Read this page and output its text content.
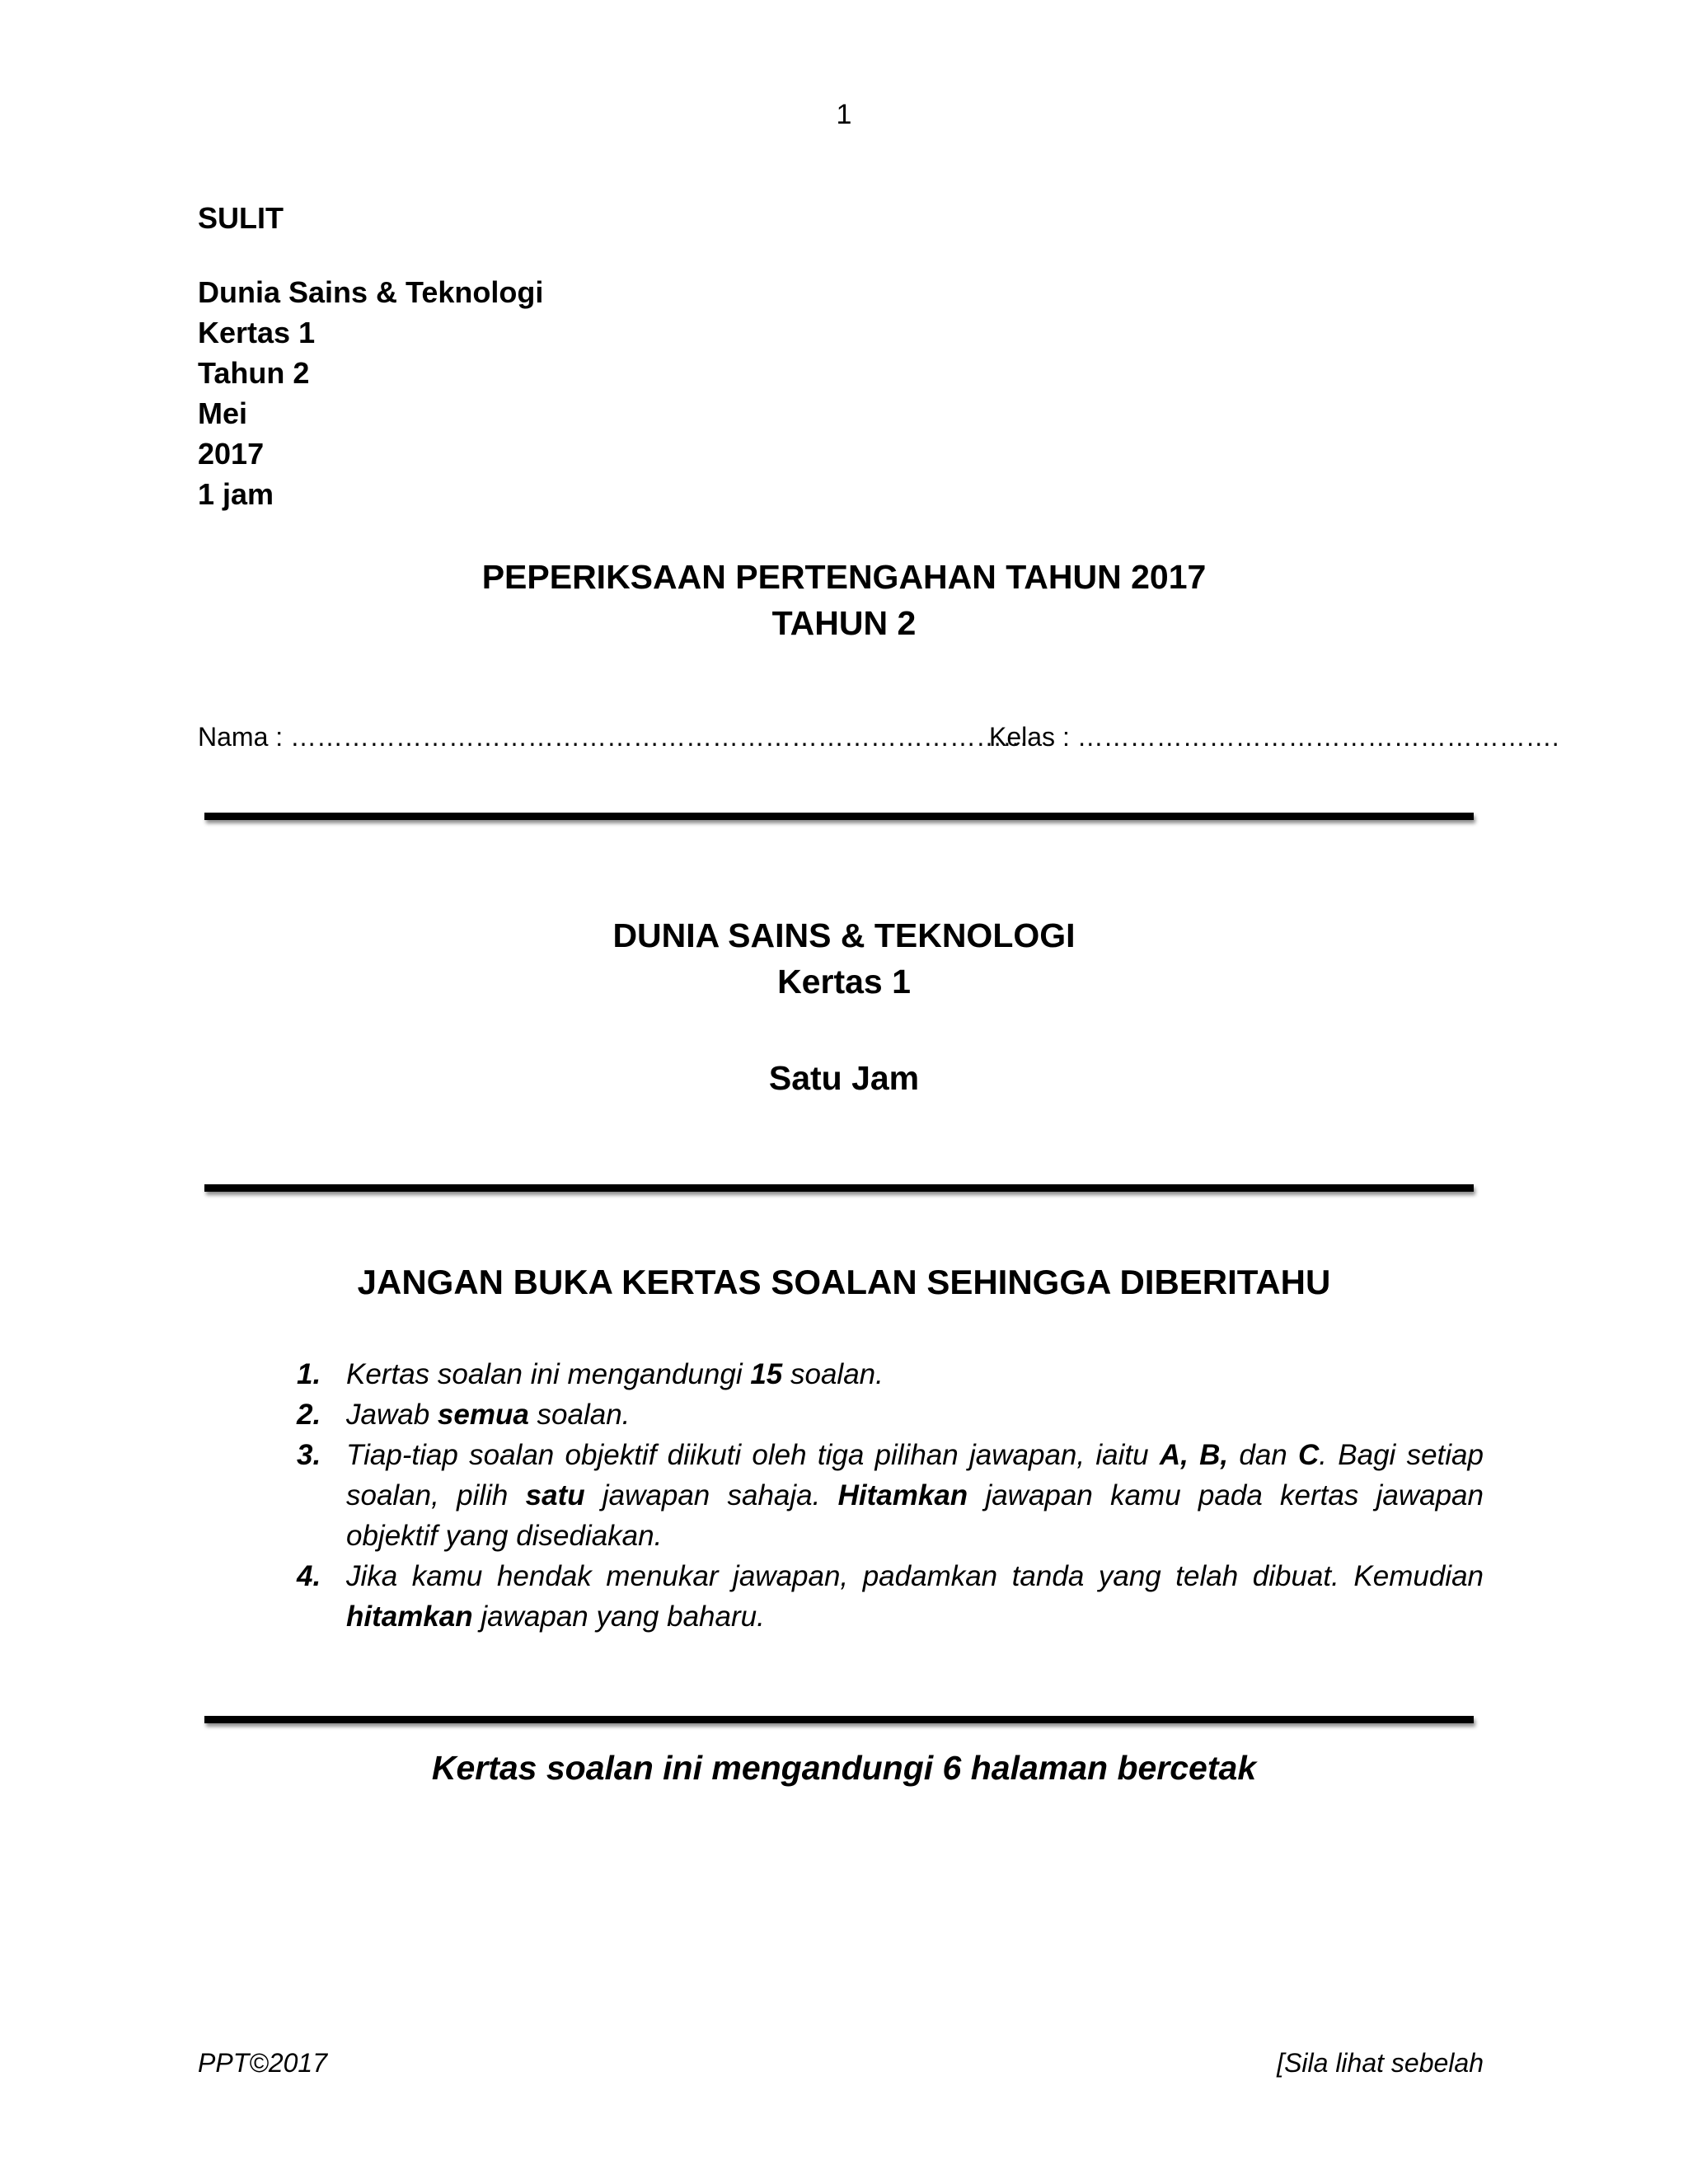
1
SULIT
Dunia Sains & Teknologi
Kertas 1
Tahun 2
Mei
2017
1 jam
PEPERIKSAAN PERTENGAHAN TAHUN 2017
TAHUN 2
Nama : …………………………………………………………………………
Kelas : ……………………………………………….
DUNIA SAINS & TEKNOLOGI
Kertas 1
Satu Jam
JANGAN BUKA KERTAS SOALAN SEHINGGA DIBERITAHU
1. Kertas soalan ini mengandungi 15 soalan.
2. Jawab semua soalan.
3. Tiap-tiap soalan objektif diikuti oleh tiga pilihan jawapan, iaitu A, B, dan C. Bagi setiap soalan, pilih satu jawapan sahaja. Hitamkan jawapan kamu pada kertas jawapan objektif yang disediakan.
4. Jika kamu hendak menukar jawapan, padamkan tanda yang telah dibuat. Kemudian hitamkan jawapan yang baharu.
Kertas soalan ini mengandungi 6 halaman bercetak
PPT©2017	[Sila lihat sebelah
